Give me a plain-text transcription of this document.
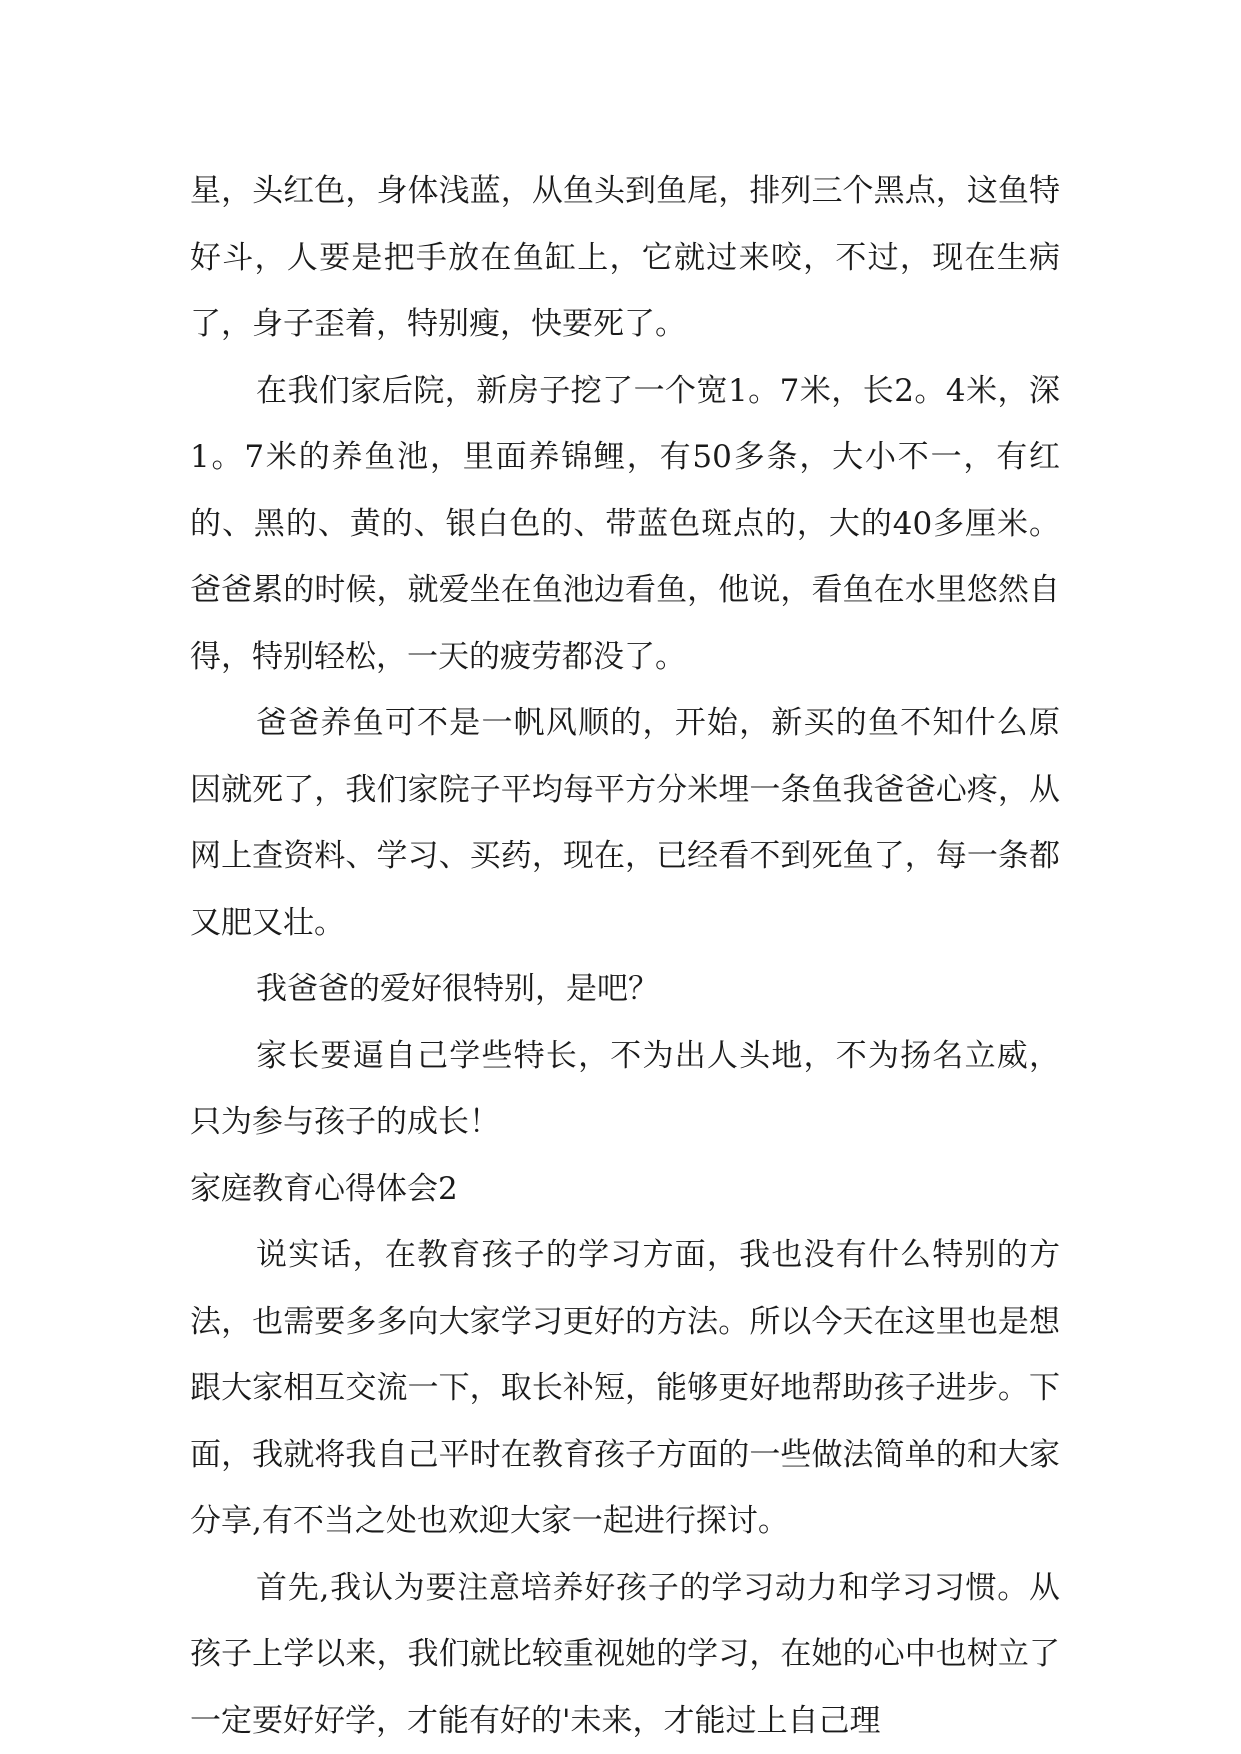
星，头红色，身体浅蓝，从鱼头到鱼尾，排列三个黑点，这鱼特好斗，人要是把手放在鱼缸上，它就过来咬，不过，现在生病了，身子歪着，特别瘦，快要死了。

在我们家后院，新房子挖了一个宽1。7米，长2。4米，深1。7米的养鱼池，里面养锦鲤，有50多条，大小不一，有红的、黑的、黄的、银白色的、带蓝色斑点的，大的40多厘米。爸爸累的时候，就爱坐在鱼池边看鱼，他说，看鱼在水里悠然自得，特别轻松，一天的疲劳都没了。

爸爸养鱼可不是一帆风顺的，开始，新买的鱼不知什么原因就死了，我们家院子平均每平方分米埋一条鱼我爸爸心疼，从网上查资料、学习、买药，现在，已经看不到死鱼了，每一条都又肥又壮。

我爸爸的爱好很特别，是吧？

家长要逼自己学些特长，不为出人头地，不为扬名立威，只为参与孩子的成长！

家庭教育心得体会2

说实话，在教育孩子的学习方面，我也没有什么特别的方法，也需要多多向大家学习更好的方法。所以今天在这里也是想跟大家相互交流一下，取长补短，能够更好地帮助孩子进步。下面，我就将我自己平时在教育孩子方面的一些做法简单的和大家分享,有不当之处也欢迎大家一起进行探讨。

首先,我认为要注意培养好孩子的学习动力和学习习惯。从孩子上学以来，我们就比较重视她的学习，在她的心中也树立了一定要好好学，才能有好的'未来，才能过上自己理
